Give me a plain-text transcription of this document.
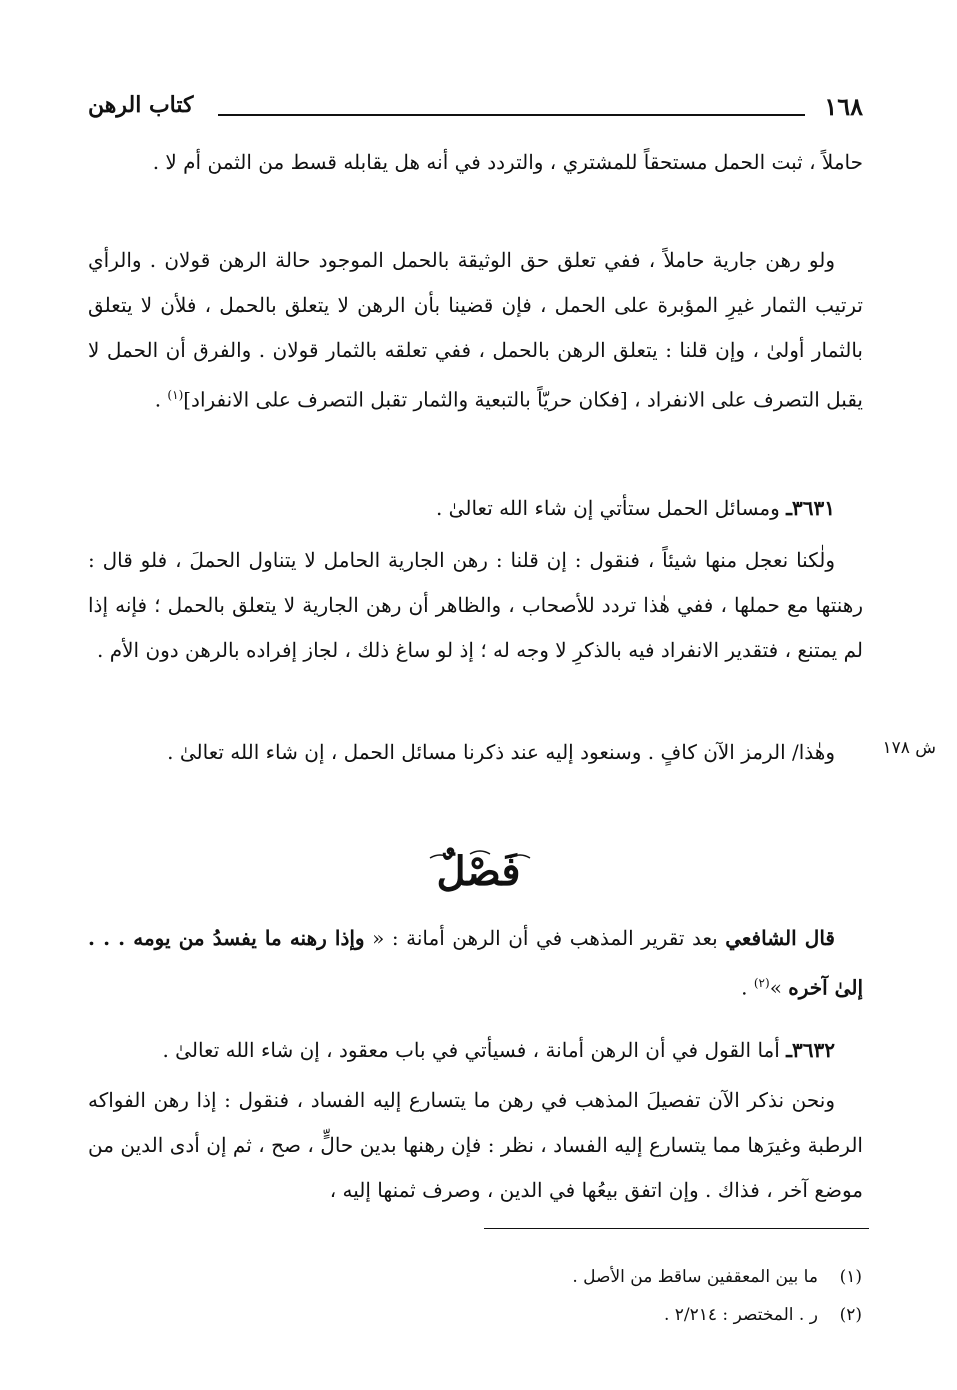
١٦٨
كتاب الرهن

حاملاً ، ثبت الحمل مستحقاً للمشتري ، والتردد في أنه هل يقابله قسط من الثمن أم لا .

ولو رهن جارية حاملاً ، ففي تعلق حق الوثيقة بالحمل الموجود حالة الرهن قولان . والرأي ترتيب الثمار غيرِ المؤبرة على الحمل ، فإن قضينا بأن الرهن لا يتعلق بالحمل ، فلأن لا يتعلق بالثمار أولىٰ ، وإن قلنا : يتعلق الرهن بالحمل ، ففي تعلقه بالثمار قولان . والفرق أن الحمل لا يقبل التصرف على الانفراد ، [فكان حريّاً بالتبعية والثمار تقبل التصرف على الانفراد]$^{(١)}$ .

٣٦٣١ـ ومسائل الحمل ستأتي إن شاء الله تعالىٰ .

ولٰكنا نعجل منها شيئاً ، فنقول : إن قلنا : رهن الجارية الحامل لا يتناول الحملَ ، فلو قال : رهنتها مع حملها ، ففي هٰذا تردد للأصحاب ، والظاهر أن رهن الجارية لا يتعلق بالحمل ؛ فإنه إذا لم يمتنع ، فتقدير الانفراد فيه بالذكرِ لا وجه له ؛ إذ لو ساغ ذلك ، لجاز إفراده بالرهن دون الأم .

وهٰذا/ الرمز الآن كافٍ . وسنعود إليه عند ذكرنا مسائل الحمل ، إن شاء الله تعالىٰ .	ش ١٧٨
فَصْلٌ

قال الشافعي بعد تقرير المذهب في أن الرهن أمانة : « وإذا رهنه ما يفسدُ من يومه . . . إلىٰ آخره »$^{(٢)}$ .

٣٦٣٢ـ أما القول في أن الرهن أمانة ، فسيأتي في باب معقود ، إن شاء الله تعالىٰ .

ونحن نذكر الآن تفصيلَ المذهب في رهن ما يتسارع إليه الفساد ، فنقول : إذا رهن الفواكه الرطبة وغيرَها مما يتسارع إليه الفساد ، نظر : فإن رهنها بدين حالٍّ ، صح ، ثم إن أدى الدين من موضع آخر ، فذاك . وإن اتفق بيعُها في الدين ، وصرف ثمنها إليه ،

(١)    ما بين المعقفين ساقط من الأصل .
(٢)    ر . المختصر : ٢/٢١٤ .
